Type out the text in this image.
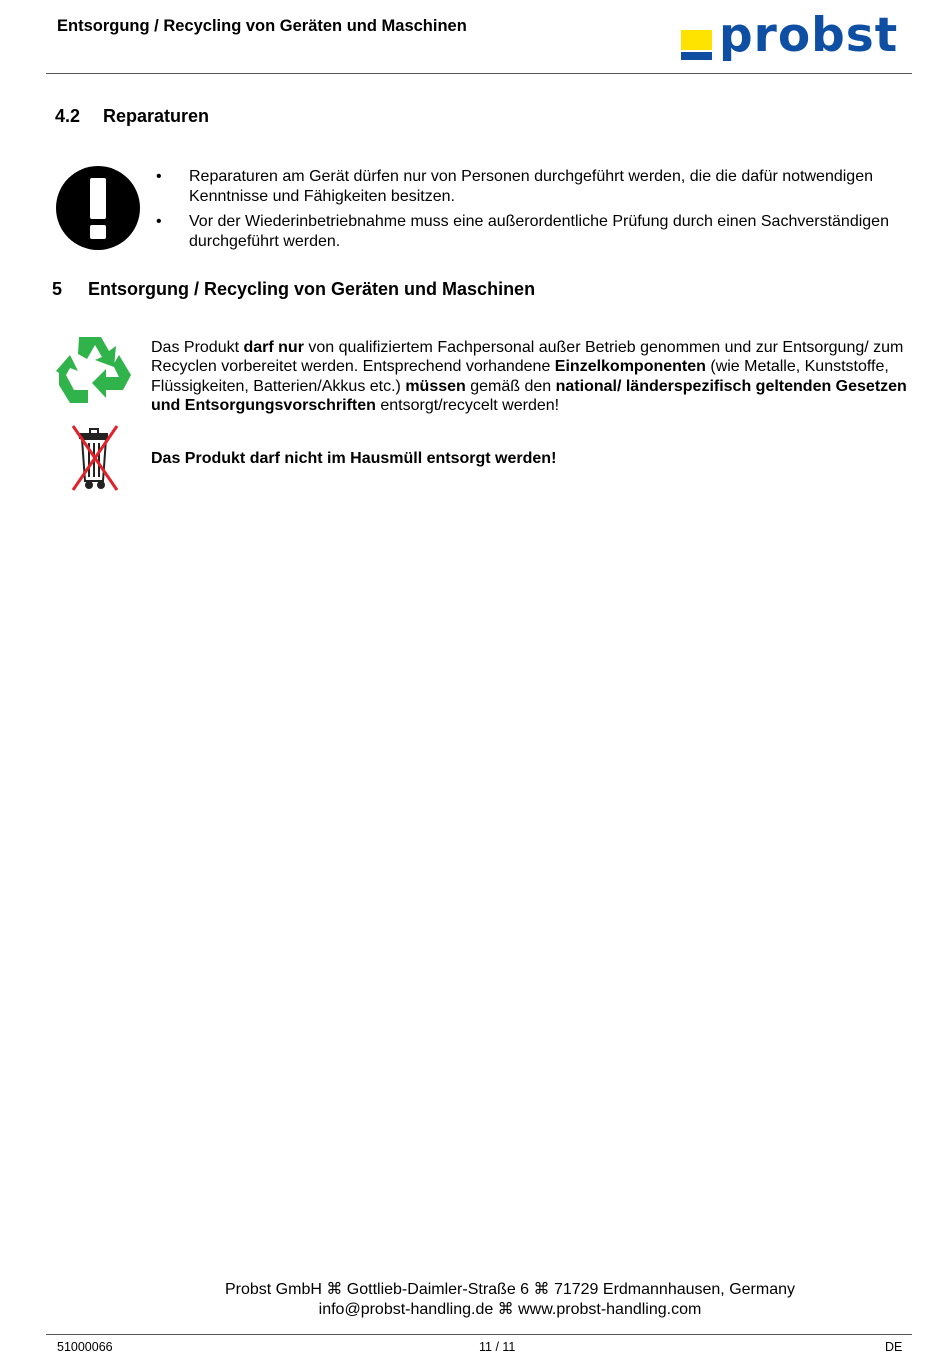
Entsorgung / Recycling von Geräten und Maschinen	probst
4.2 Reparaturen
• Reparaturen am Gerät dürfen nur von Personen durchgeführt werden, die die dafür notwendigen Kenntnisse und Fähigkeiten besitzen.
• Vor der Wiederinbetriebnahme muss eine außerordentliche Prüfung durch einen Sachverständigen durchgeführt werden.
5 Entsorgung / Recycling von Geräten und Maschinen
Das Produkt darf nur von qualifiziertem Fachpersonal außer Betrieb genommen und zur Entsorgung/ zum Recyclen vorbereitet werden. Entsprechend vorhandene Einzelkomponenten (wie Metalle, Kunststoffe, Flüssigkeiten, Batterien/Akkus etc.) müssen gemäß den national/ länderspezifisch geltenden Gesetzen und Entsorgungsvorschriften entsorgt/recycelt werden!
Das Produkt darf nicht im Hausmüll entsorgt werden!
Probst GmbH ⌘ Gottlieb-Daimler-Straße 6 ⌘ 71729 Erdmannhausen, Germany
info@probst-handling.de ⌘ www.probst-handling.com
51000066	11 / 11	DE
